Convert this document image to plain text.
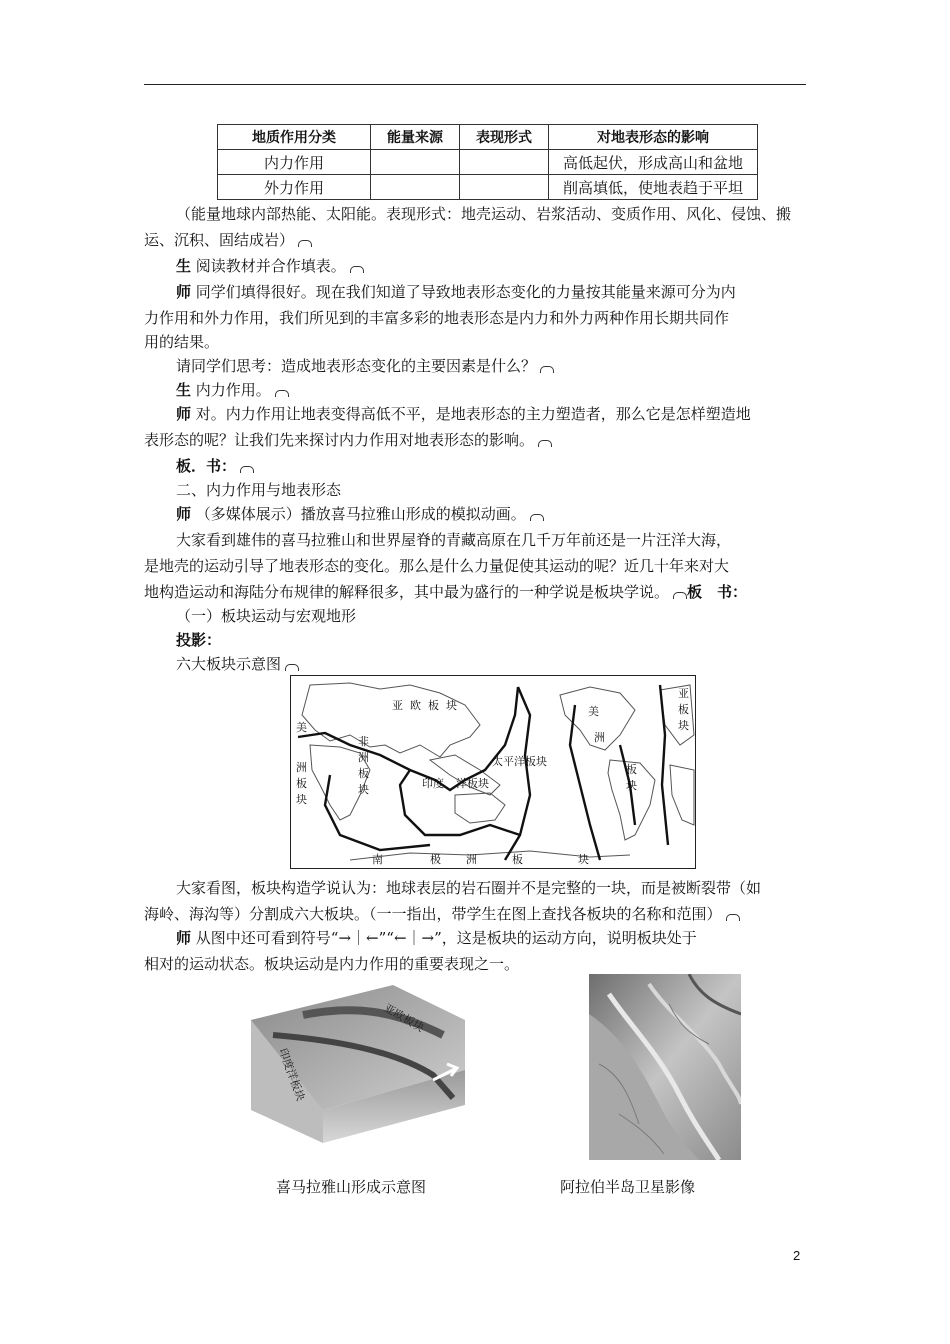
地质作用分类	能量来源	表现形式	对地表形态的影响
内力作用			高低起伏，形成高山和盆地
外力作用			削高填低，使地表趋于平坦
（能量地球内部热能、太阳能。表现形式：地壳运动、岩浆活动、变质作用、风化、侵蚀、搬
运、沉积、固结成岩）
生 阅读教材并合作填表。
师 同学们填得很好。现在我们知道了导致地表形态变化的力量按其能量来源可分为内
力作用和外力作用，我们所见到的丰富多彩的地表形态是内力和外力两种作用长期共同作
用的结果。
请同学们思考：造成地表形态变化的主要因素是什么？
生 内力作用。
师 对。内力作用让地表变得高低不平，是地表形态的主力塑造者，那么它是怎样塑造地
表形态的呢？让我们先来探讨内力作用对地表形态的影响。
板．书：
二、内力作用与地表形态
师 （多媒体展示）播放喜马拉雅山形成的模拟动画。
大家看到雄伟的喜马拉雅山和世界屋脊的青藏高原在几千万年前还是一片汪洋大海，
是地壳的运动引导了地表形态的变化。那么是什么力量促使其运动的呢？近几十年来对大
地构造运动和海陆分布规律的解释很多，其中最为盛行的一种学说是板块学说。 板　书：
（一）板块运动与宏观地形
投影：
六大板块示意图
亚 欧 板 块
太平洋板块
印度 洋板块
非
洲
板
块
美
洲
板
块
美
洲
板
块
亚
板
块
南	极 洲	板	块
大家看图，板块构造学说认为：地球表层的岩石圈并不是完整的一块，而是被断裂带（如
海岭、海沟等）分割成六大板块。（一一指出，带学生在图上查找各板块的名称和范围）
师 从图中还可看到符号“→｜←”“←｜→”，这是板块的运动方向，说明板块处于
相对的运动状态。板块运动是内力作用的重要表现之一。
亚欧板块
印度洋板块
喜马拉雅山形成示意图	阿拉伯半岛卫星影像
2
